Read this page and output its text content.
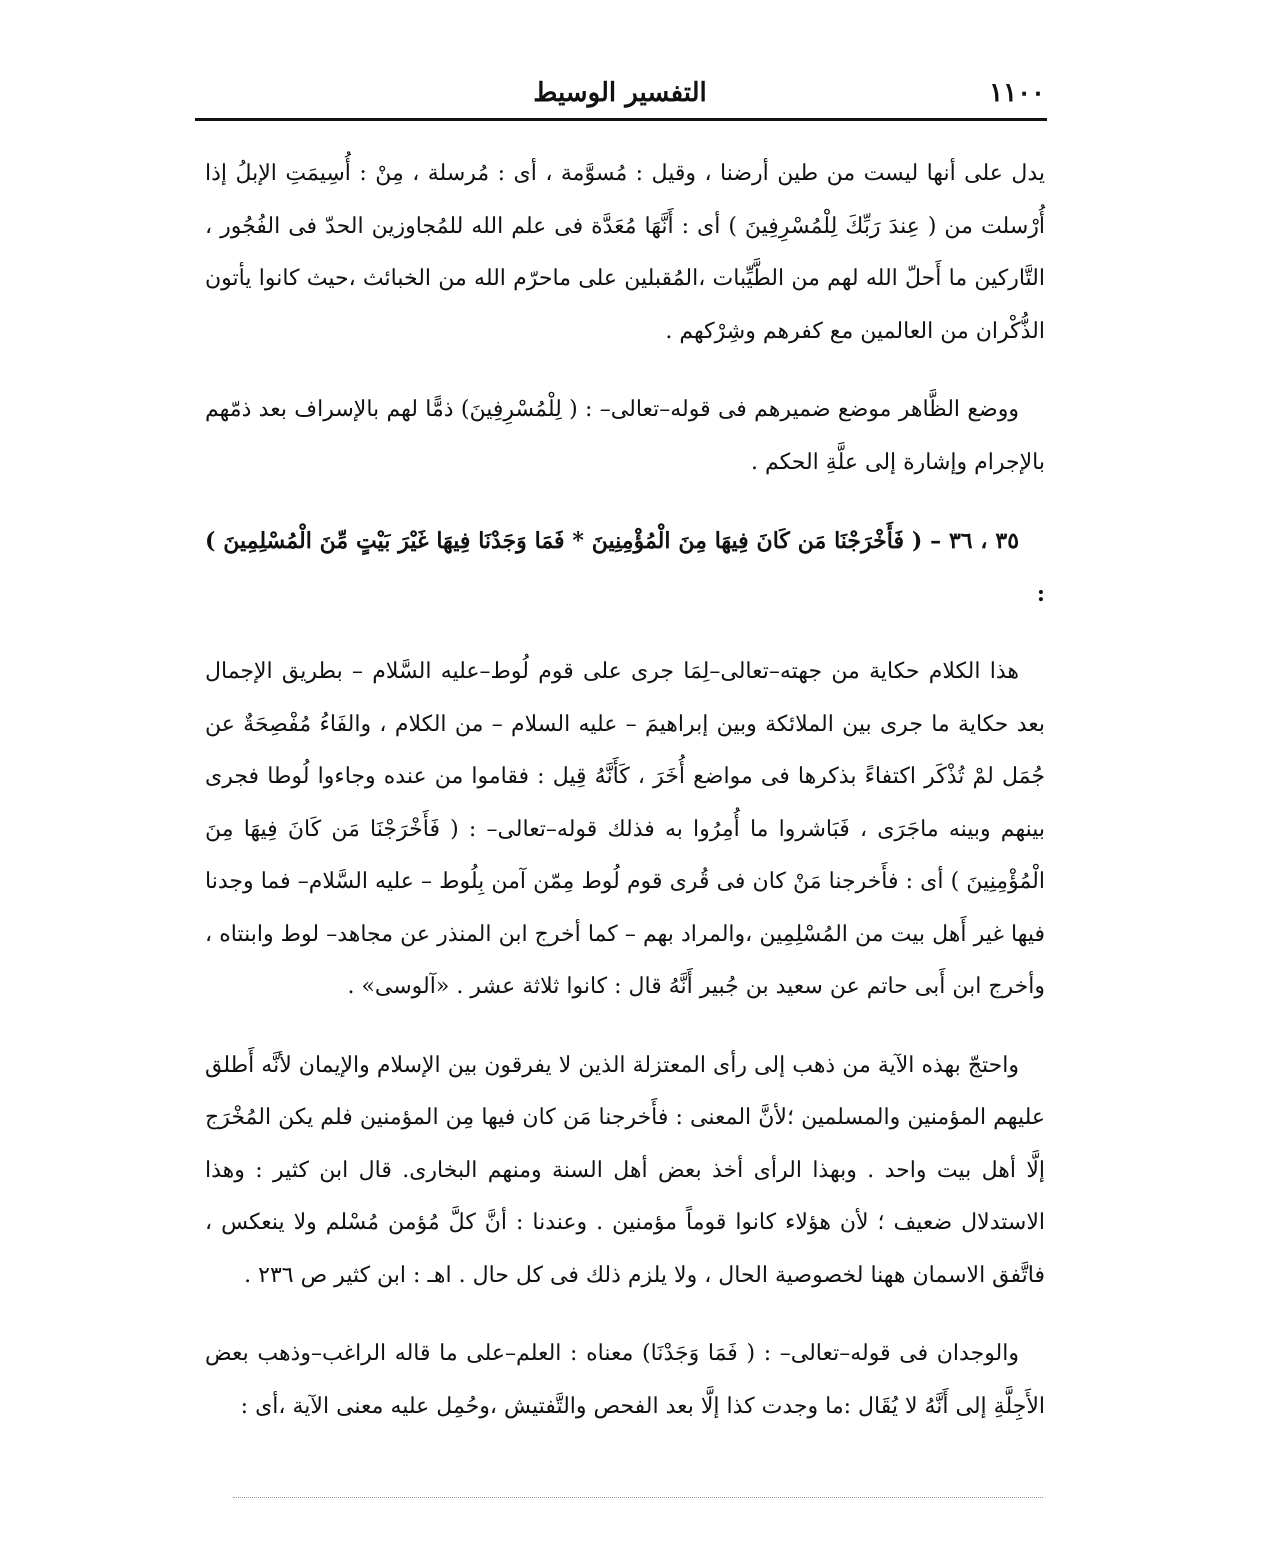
١١٠٠
التفسير الوسيط

يدل على أنها ليست من طين أرضنا ، وقيل : مُسوَّمة ، أى : مُرسلة ، مِنْ : أُسِيمَتِ الإبلُ إذا أُرْسلت من ( عِندَ رَبِّكَ لِلْمُسْرِفِينَ ) أى : أَنَّهَا مُعَدَّة فى علم الله للمُجاوزين الحدّ فى الفُجُور ، التَّاركين ما أَحلّ الله لهم من الطَّيِّبات ،المُقبلين على ماحرّم الله من الخبائث ،حيث كانوا يأتون الذُّكْران من العالمين مع كفرهم وشِرْكهم .

ووضع الظَّاهر موضع ضميرهم فى قوله–تعالى– : ( لِلْمُسْرِفِينَ) ذمًّا لهم بالإسراف بعد ذمّهم بالإجرام وإشارة إلى علَّةِ الحكم .

٣٥ ، ٣٦ – ( فَأَخْرَجْنَا مَن كَانَ فِيهَا مِنَ الْمُؤْمِنِينَ * فَمَا وَجَدْنَا فِيهَا غَيْرَ بَيْتٍ مِّنَ الْمُسْلِمِينَ ) :

هذا الكلام حكاية من جهته–تعالى–لِمَا جرى على قوم لُوط–عليه السَّلام – بطريق الإجمال بعد حكاية ما جرى بين الملائكة وبين إبراهيمَ – عليه السلام – من الكلام ، والفَاءُ مُفْصِحَةٌ عن جُمَل لمْ تُذْكَر اكتفاءً بذكرها فى مواضع أُخَرَ ، كَأَنَّهُ قِيل : فقاموا من عنده وجاءوا لُوطا فجرى بينهم وبينه ماجَرَى ، فَبَاشروا ما أُمِرُوا به فذلك قوله–تعالى– : ( فَأَخْرَجْنَا مَن كَانَ فِيهَا مِنَ الْمُؤْمِنِينَ ) أى : فأَخرجنا مَنْ كان فى قُرى قوم لُوط مِمّن آمن بِلُوط – عليه السَّلام– فما وجدنا فيها غير أَهل بيت من المُسْلِمِين ،والمراد بهم – كما أخرج ابن المنذر عن مجاهد– لوط وابنتاه ، وأخرج ابن أَبى حاتم عن سعيد بن جُبير أَنَّهُ قال : كانوا ثلاثة عشر . «آلوسى» .

واحتجّ بهذه الآية من ذهب إلى رأى المعتزلة الذين لا يفرقون بين الإسلام والإيمان لأنَّه أَطلق عليهم المؤمنين والمسلمين ؛لأنَّ المعنى : فأَخرجنا مَن كان فيها مِن المؤمنين فلم يكن المُخْرَج إلَّا أهل بيت واحد . وبهذا الرأى أخذ بعض أهل السنة ومنهم البخارى. قال ابن كثير : وهذا الاستدلال ضعيف ؛ لأن هؤلاء كانوا قوماً مؤمنين . وعندنا : أنَّ كلَّ مُؤمن مُسْلم ولا ينعكس ، فاتَّفق الاسمان ههنا لخصوصية الحال ، ولا يلزم ذلك فى كل حال . اهـ : ابن كثير ص ٢٣٦ .

والوجدان فى قوله–تعالى– : ( فَمَا وَجَدْنَا) معناه : العلم–على ما قاله الراغب–وذهب بعض الأَجِلَّةِ إلى أَنَّهُ لا يُقَال :ما وجدت كذا إلَّا بعد الفحص والتَّفتيش ،وحُمِل عليه معنى الآية ،أى :
